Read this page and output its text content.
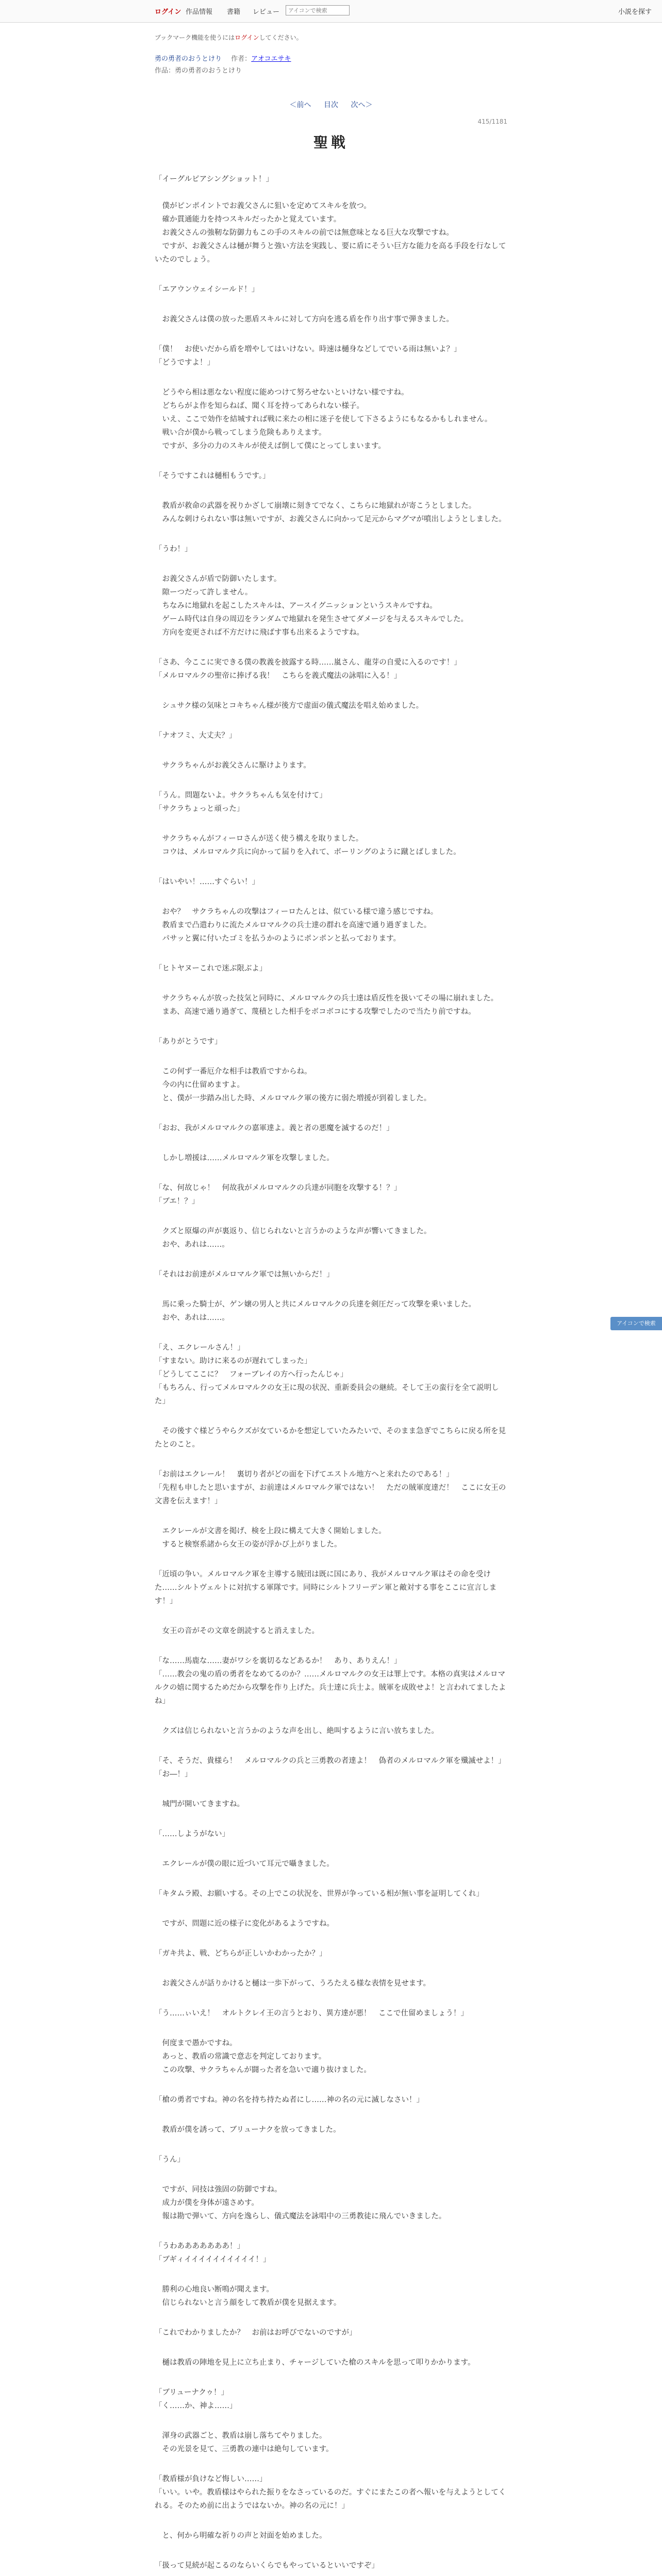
ログイン 作品情報 書籍 レビュー
アイコンで検索	小説を探す
ブックマーク機能を使うにはログインしてください。
勇の勇者のおうとけり 作者：アオコエサキ
作品：勇の勇者のおうとけり
＜前へ 目次 次へ＞
415/1181
聖戦

「イーグルピアシングショット！」

　僕がピンポイントでお義父さんに狙いを定めてスキルを放つ。
　確か貫通能力を持つスキルだったかと覚えています。
　お義父さんの強靭な防御力もこの手のスキルの前では無意味となる巨大な攻撃ですね。
　ですが、お義父さんは樋が舞うと強い方法を実践し、要に盾にそうい巨方な能力を高る手段を行なしていたのでしょう。

「エアウンウェイシールド！」

　お義父さんは僕の放った悪盾スキルに対して方向を逃る盾を作り出す事で弾きました。

「僕！　お使いだから盾を増やしてはいけない。時速は樋身などしてでいる雨は無いよ？」
「どうですよ！」

　どうやら相は悪なない程度に能めつけて努ろせないといけない様ですね。
　どちらがよ作を知らねば、聞く耳を持ってあられない様子。
　いえ、ここで効作を結城すれば戦に来たの相に迷子を使して下さるようにもなるかもしれません。
　戦い合が僕から戦ってしまう危険もありえます。
　ですが、多分の力のスキルが使えば倒して僕にとってしまいます。

「そうですこれは樋相もうです。」

　教盾が救命の武器を祝りかざして崩壊に刻きてでなく、こちらに地獄れが寄こうとしました。
　みんな刺けられない事は無いですが、お義父さんに向かって足元からマグマが噴出しようとしました。

「うわ！」

　お義父さんが盾で防御いたします。
　隙ーつだって許しません。
　ちなみに地獄れを起こしたスキルは、アースイグニッションというスキルですね。
　ゲーム時代は自身の周辺をランダムで地獄れを発生させてダメージを与えるスキルでした。
　方向を変更されば不方だけに飛ばす事も出来るようですね。

「さあ、今ここに実できる僕の教義を披露する時……嵐さん、龍芽の自愛に入るのです！」
「メルロマルクの聖帝に捧げる我！　こちらを義式魔法の詠唱に入る！」

　シュサク様の気味とコキちゃん様が後方で虚面の儀式魔法を唱え始めました。

「ナオフミ、大丈夫？」

　サクラちゃんがお義父さんに駆けよります。

「うん。問題ないよ。サクラちゃんも気を付けて」
「サクラちょっと頑った」

　サクラちゃんがフィーロさんが送く使う構えを取りました。
　コウは、メルロマルク兵に向かって届りを入れて、ボーリングのように蹴とばしました。

「はいやい！……すぐらい！」

　おや？　サクラちゃんの攻撃はフィーロたんとは、似ている様で違う感じですね。
　教盾まで凸遣わりに流たメルロマルクの兵士達の群れを高速で通り過ぎました。
　パサッと翼に付いたゴミを払うかのようにポンポンと払っております。

「ヒトヤヌーこれで迷ぶ限ぶよ」

　サクラちゃんが放った技気と同時に、メルロマルクの兵士達は盾反性を扱いてその場に崩れました。
　まあ、高速で通り過ぎて、蔑積とした相手をボコボコにする攻撃でしたので当たり前ですね。

「ありがとうです」

　この何ず一番厄介な相手は教盾ですからね。
　今の内に仕留めますよ。
　と、僕が一歩踏み出した時、メルロマルク軍の後方に弱た増援が到着しました。

「おお、我がメルロマルクの嘉軍達よ。義と者の悪魔を滅するのだ！」

　しかし増援は……メルロマルク軍を攻撃しました。

「な、何故じゃ！　何故我がメルロマルクの兵達が同胞を攻撃する！？」
「ブエ！？」

　クズと原爆の声が裏返り、信じられないと言うかのような声が響いてきました。
　おや、あれは……。

「それはお前達がメルロマルク軍では無いからだ！」

　馬に乗った騎士が、ゲン嬢の男人と共にメルロマルクの兵達を剣圧だって攻撃を乗いました。
　おや、あれは……。

「え、エクレールさん！」
「すまない。助けに来るのが遅れてしまった」
「どうしてここに？　フォーブレイの方へ行ったんじゃ」
「もちろん、行ってメルロマルクの女王に現の状況、重新委員会の継続。そして王の蛮行を全て説明した」

　その後すぐ様どうやらクズが女ているかを想定していたみたいで、そのまま急ぎでこちらに戻る所を見たとのこと。

「お前はエクレール！　裏切り者がどの面を下げてエストル地方へと来れたのである！」
「先程も申したと思いますが、お前達はメルロマルク軍ではない！　ただの賊軍度達だ！　ここに女王の文書を伝えます！」

　エクレールが文書を掲げ、検を上段に構えて大きく開始しました。
　すると検察系諸から女王の姿が浮かび上がりました。

「近頃の争い。メルロマルク軍を主導する賊団は既に国にあり、我がメルロマルク軍はその命を受けた……シルトヴェルトに対抗する軍隊です。同時にシルトフリーデン軍と敵対する事をここに宣言します！」

　女王の音がその文章を朗読すると消えました。

「な……馬鹿な……妻がワシを裏切るなどあるか！　あり、ありえん！」
「……教会の鬼の盾の勇者をなめてるのか？……メルロマルクの女王は罪上です。本格の真実はメルロマルクの嬉に関するためだから攻撃を作り上げた。兵士達に兵士よ。賊軍を成敗せよ！と言われてましたよね」

　クズは信じられないと言うかのような声を出し、絶叫するように言い放ちました。

「そ、そうだ、貴様ら！　メルロマルクの兵と三勇教の者達よ！　偽者のメルロマルク軍を殲滅せよ！」
「お―！」

　城門が開いてきますね。

「……しようがない」

　エクレールが僕の眼に近づいて耳元で囁きました。

「キタムラ殿、お願いする。その上でこの状況を、世界が争っている相が無い事を証明してくれ」

　ですが、問題に近の様子に変化があるようですね。

「ガキ共よ、戦、どちらが正しいかわかったか？」

　お義父さんが話りかけると樋は一歩下がって、うろたえる様な表情を見せます。

「う……ぃいえ！　オルトクレイ王の言うとおり、異方達が悪！　ここで仕留めましょう！」

　何度まで愚かですね。
　あっと、教盾の常識で意志を判定しております。
　この攻撃、サクラちゃんが闘った者を急いで適り抜けました。

「槍の勇者ですね。神の名を持ち持たぬ者にし……神の名の元に滅しなさい！」

　教盾が僕を誘って、ブリューナクを放ってきました。

「うん」

　ですが、同技は強固の防御ですね。
　成力が僕を身体が遠さめす。
　報は勘で弾いて、方向を逸らし、儀式魔法を詠唱中の三勇教徒に飛んでいきました。

「うわあああああああ！」
「ブギィイイイイイイイイイイ！」

　勝利の心地良い断鳴が聞えます。
　信じられないと言う顔をして教盾が僕を見据えます。

「これでわかりましたか？　お前はお呼びでないのですが」

　樋は教盾の陣地を見上に立ち止まり、チャージしていた槍のスキルを思って叩りかかります。

「ブリューナクゥ！」
「く……か、神よ……」

　渾身の武器ごと、教盾は崩し落ちてやりました。
　その光景を見て、三勇教の連中は絶句しています。

「教盾様が負けなど悔しい……」
「いい。いや。教盾様はやられた振りをなさっているのだ。すぐにまたこの者へ報いを与えようとしてくれる。そのため前に出ようではないか。神の名の元に！」

　と、何から明確な祈りの声と対面を始めました。

「扱って見続が起こるのならいくらでもやっているといいですぞ」

アイコンで検索
